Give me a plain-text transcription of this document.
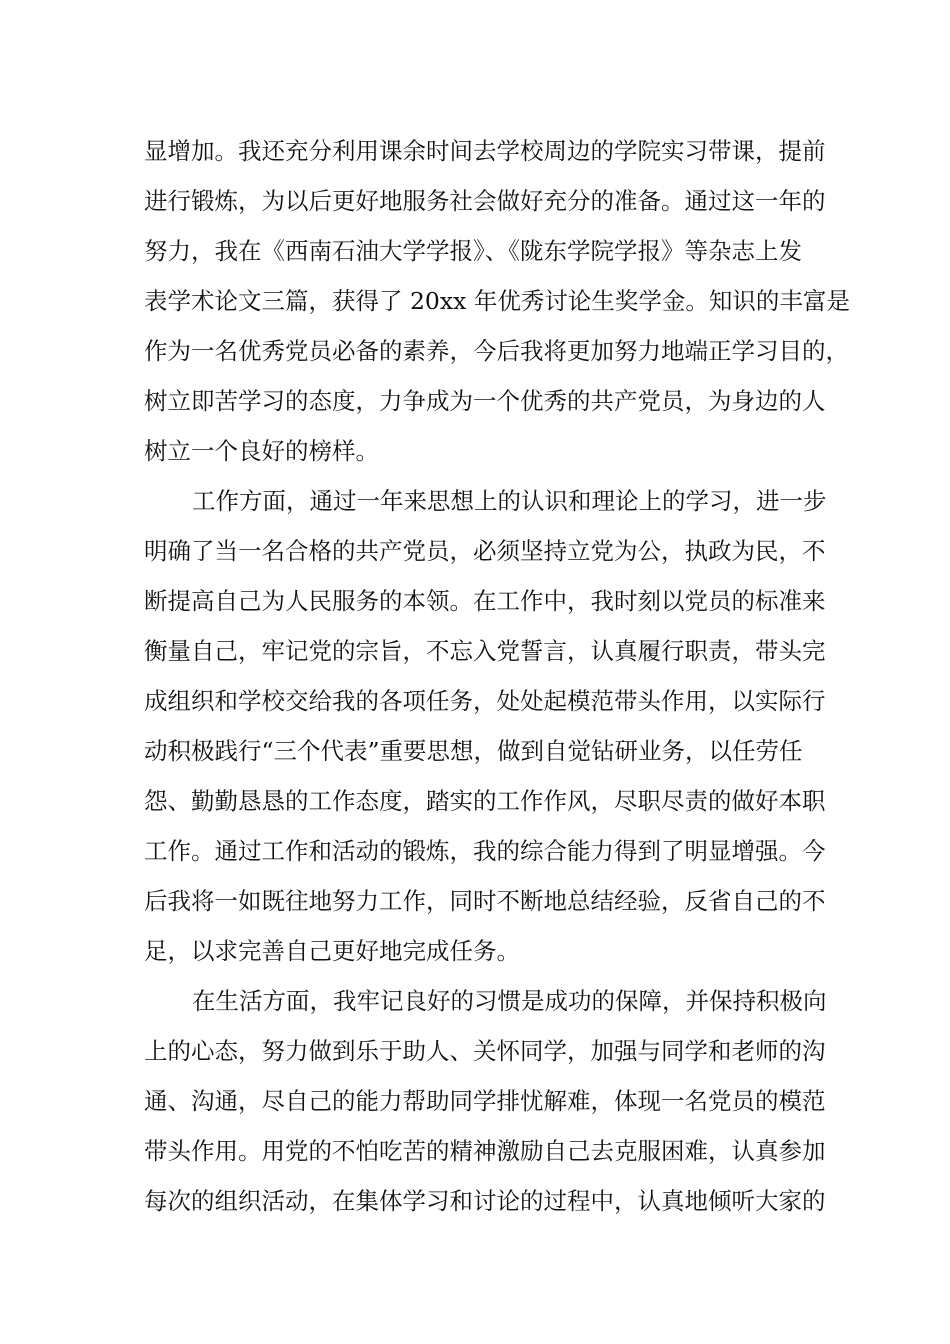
显增加。我还充分利用课余时间去学校周边的学院实习带课，提前
进行锻炼，为以后更好地服务社会做好充分的准备。通过这一年的
努力，我在《西南石油大学学报》、《陇东学院学报》等杂志上发
表学术论文三篇，获得了 20xx 年优秀讨论生奖学金。知识的丰富是
作为一名优秀党员必备的素养，今后我将更加努力地端正学习目的，
树立即苦学习的态度，力争成为一个优秀的共产党员，为身边的人
树立一个良好的榜样。
工作方面，通过一年来思想上的认识和理论上的学习，进一步
明确了当一名合格的共产党员，必须坚持立党为公，执政为民，不
断提高自己为人民服务的本领。在工作中，我时刻以党员的标准来
衡量自己，牢记党的宗旨，不忘入党誓言，认真履行职责，带头完
成组织和学校交给我的各项任务，处处起模范带头作用，以实际行
动积极践行“三个代表”重要思想，做到自觉钻研业务，以任劳任
怨、勤勤恳恳的工作态度，踏实的工作作风，尽职尽责的做好本职
工作。通过工作和活动的锻炼，我的综合能力得到了明显增强。今
后我将一如既往地努力工作，同时不断地总结经验，反省自己的不
足，以求完善自己更好地完成任务。
在生活方面，我牢记良好的习惯是成功的保障，并保持积极向
上的心态，努力做到乐于助人、关怀同学，加强与同学和老师的沟
通、沟通，尽自己的能力帮助同学排忧解难，体现一名党员的模范
带头作用。用党的不怕吃苦的精神激励自己去克服困难，认真参加
每次的组织活动，在集体学习和讨论的过程中，认真地倾听大家的
